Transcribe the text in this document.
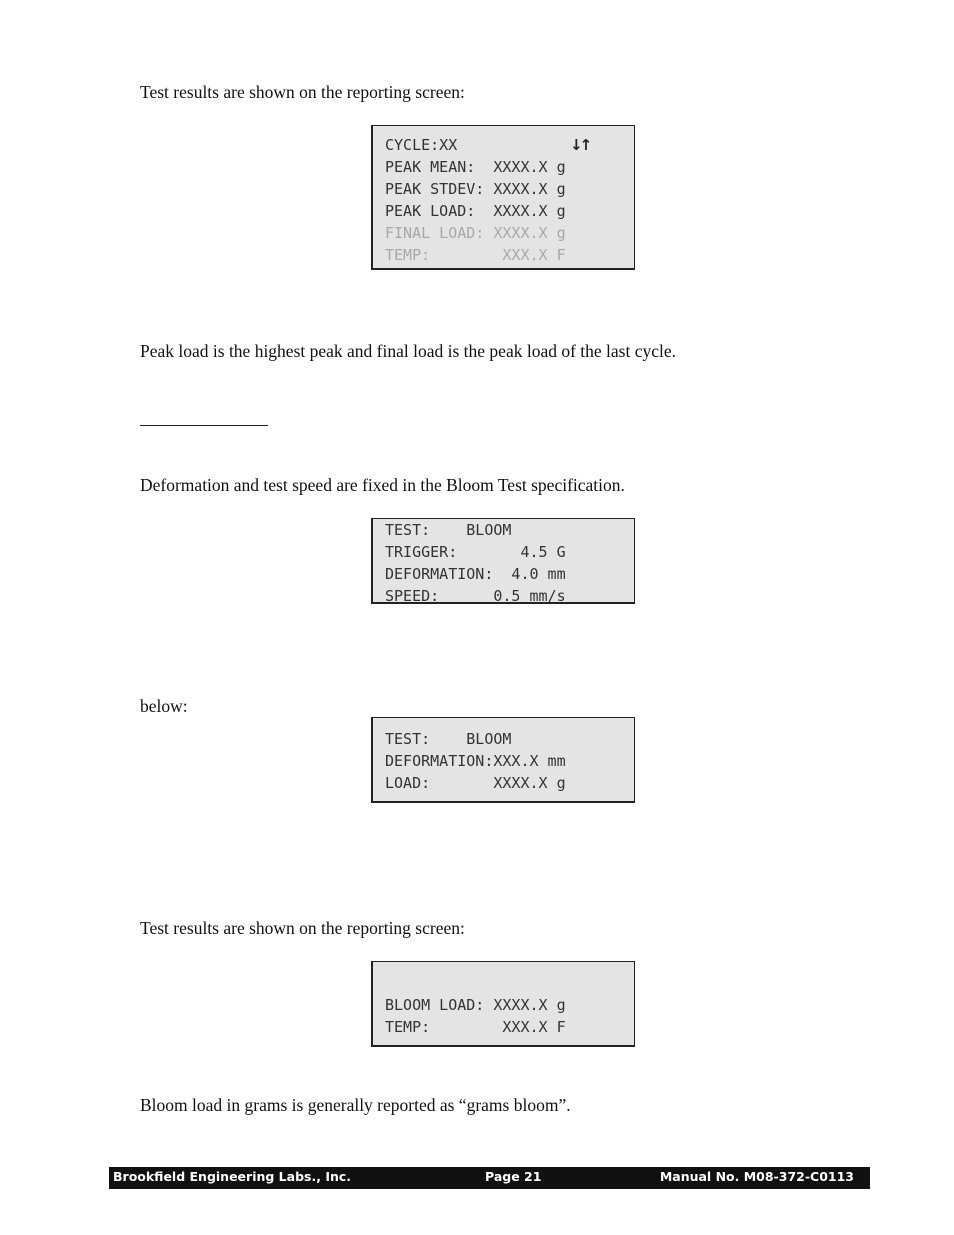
Test results are shown on the reporting screen:

CYCLE:XX	↓↑
PEAK MEAN:  XXXX.X g
PEAK STDEV: XXXX.X g
PEAK LOAD:  XXXX.X g
FINAL LOAD: XXXX.X g
TEMP:        XXX.X F

Peak load is the highest peak and final load is the peak load of the last cycle.

Deformation and test speed are fixed in the Bloom Test specification.

TEST:    BLOOM
TRIGGER:       4.5 G
DEFORMATION:  4.0 mm
SPEED:      0.5 mm/s

below:

TEST:    BLOOM
DEFORMATION:XXX.X mm
LOAD:       XXXX.X g

Test results are shown on the reporting screen:

BLOOM LOAD: XXXX.X g
TEMP:        XXX.X F

Bloom load in grams is generally reported as “grams bloom”.

Brookfield Engineering Labs., Inc.	Page 21	Manual No. M08-372-C0113
